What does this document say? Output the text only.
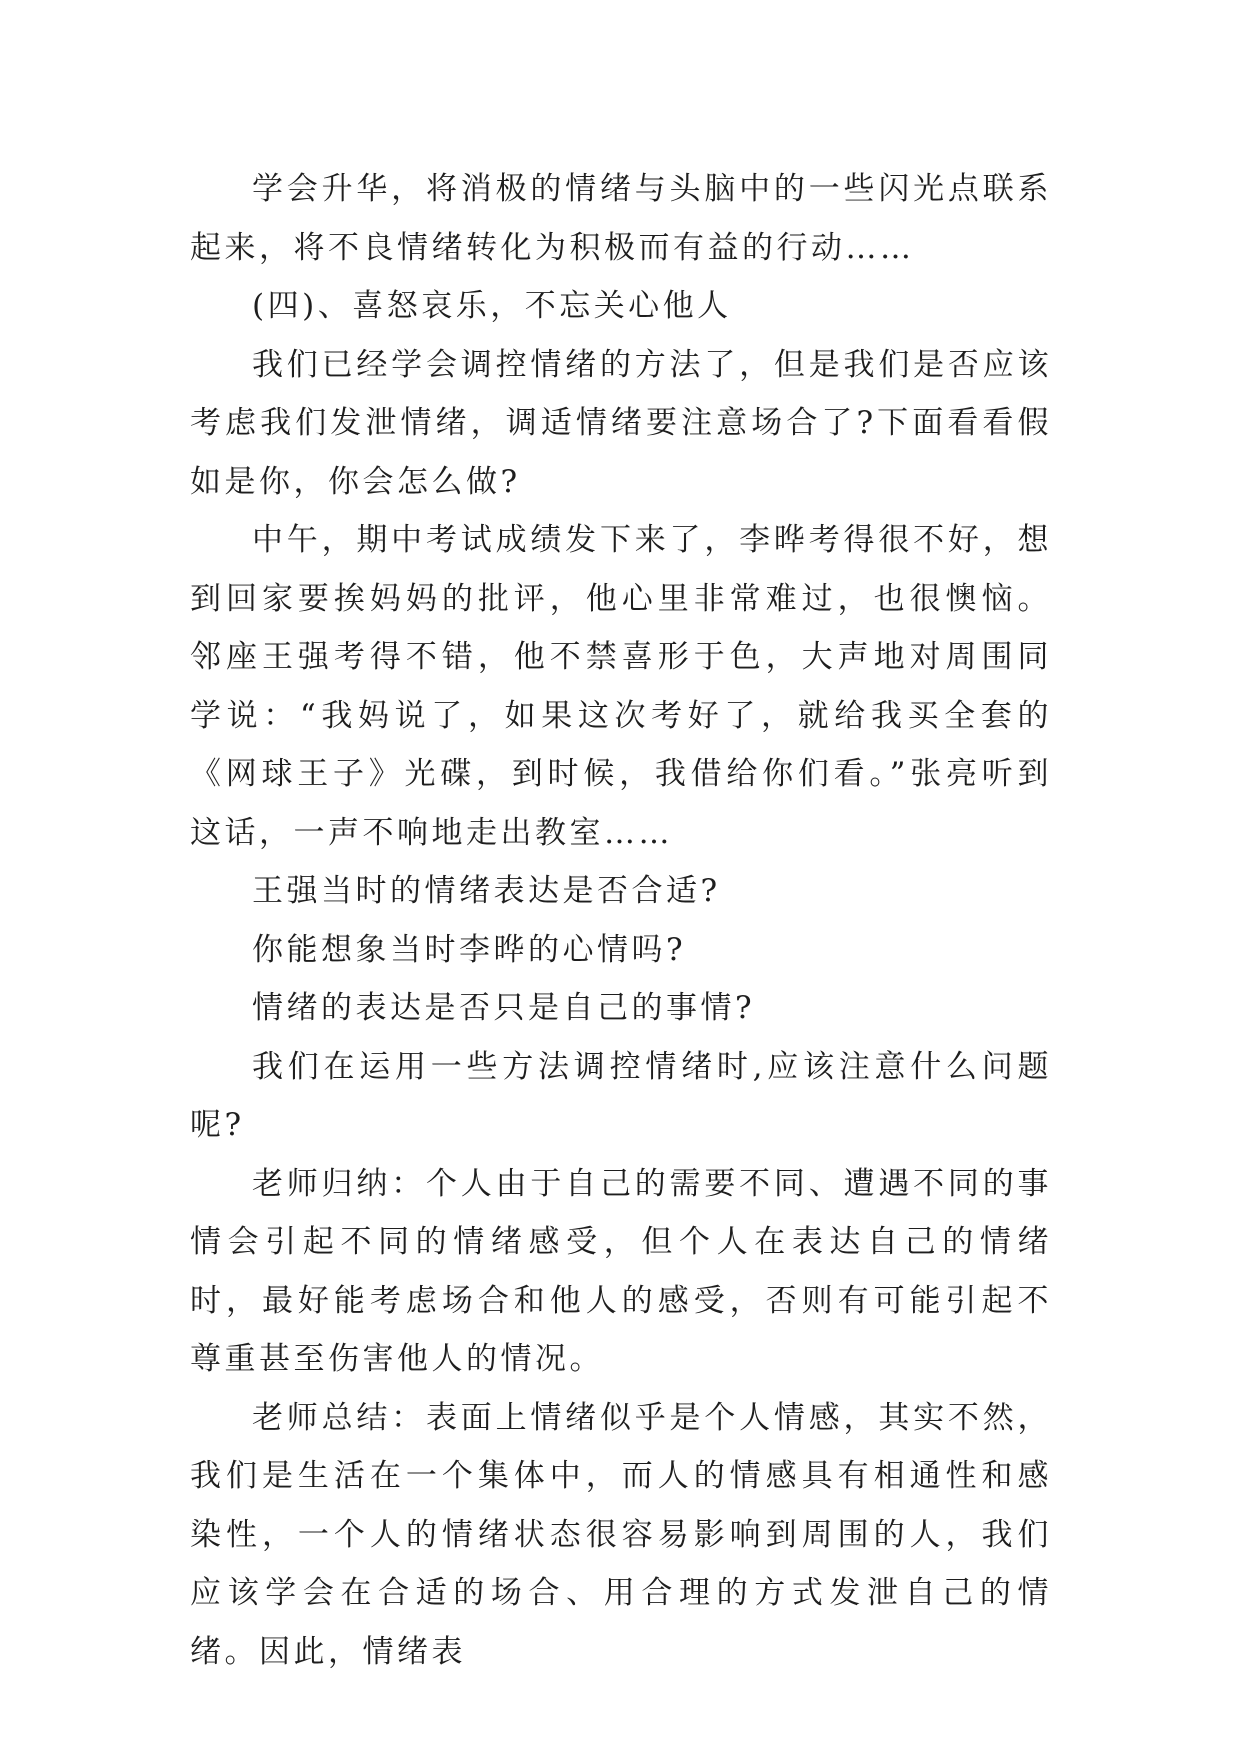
学会升华，将消极的情绪与头脑中的一些闪光点联系起来，将不良情绪转化为积极而有益的行动……

(四)、喜怒哀乐，不忘关心他人

我们已经学会调控情绪的方法了，但是我们是否应该考虑我们发泄情绪，调适情绪要注意场合了?下面看看假如是你，你会怎么做?

中午，期中考试成绩发下来了，李晔考得很不好，想到回家要挨妈妈的批评，他心里非常难过，也很懊恼。邻座王强考得不错，他不禁喜形于色，大声地对周围同学说：“我妈说了，如果这次考好了，就给我买全套的《网球王子》光碟，到时候，我借给你们看。”张亮听到这话，一声不响地走出教室……

王强当时的情绪表达是否合适?

你能想象当时李晔的心情吗?

情绪的表达是否只是自己的事情?

我们在运用一些方法调控情绪时,应该注意什么问题呢?

老师归纳：个人由于自己的需要不同、遭遇不同的事情会引起不同的情绪感受，但个人在表达自己的情绪时，最好能考虑场合和他人的感受，否则有可能引起不尊重甚至伤害他人的情况。

老师总结：表面上情绪似乎是个人情感，其实不然，我们是生活在一个集体中，而人的情感具有相通性和感染性，一个人的情绪状态很容易影响到周围的人，我们应该学会在合适的场合、用合理的方式发泄自己的情绪。因此，情绪表
